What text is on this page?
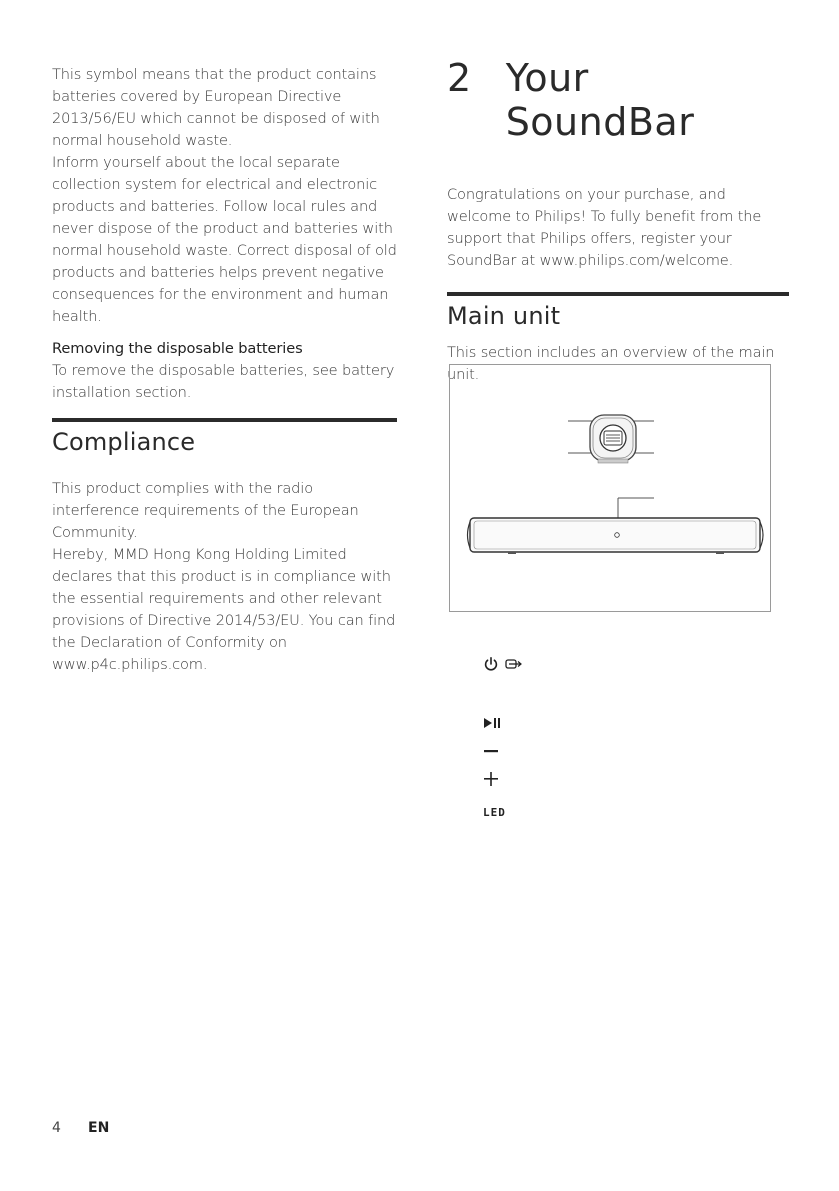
This symbol means that the product contains batteries covered by European Directive 2013/56/EU which cannot be disposed of with normal household waste.

Inform yourself about the local separate collection system for electrical and electronic products and batteries. Follow local rules and never dispose of the product and batteries with normal household waste. Correct disposal of old products and batteries helps prevent negative consequences for the environment and human health.

Removing the disposable batteries
To remove the disposable batteries, see battery installation section.
Compliance

This product complies with the radio interference requirements of the European Community.

Hereby, MMD Hong Kong Holding Limited declares that this product is in compliance with the essential requirements and other relevant provisions of Directive 2014/53/EU. You can find the Declaration of Conformity on www.p4c.philips.com.

2 Your SoundBar
Congratulations on your purchase, and welcome to Philips! To fully benefit from the support that Philips offers, register your SoundBar at www.philips.com/welcome.
Main unit
This section includes an overview of the main unit.
LED
4 EN
